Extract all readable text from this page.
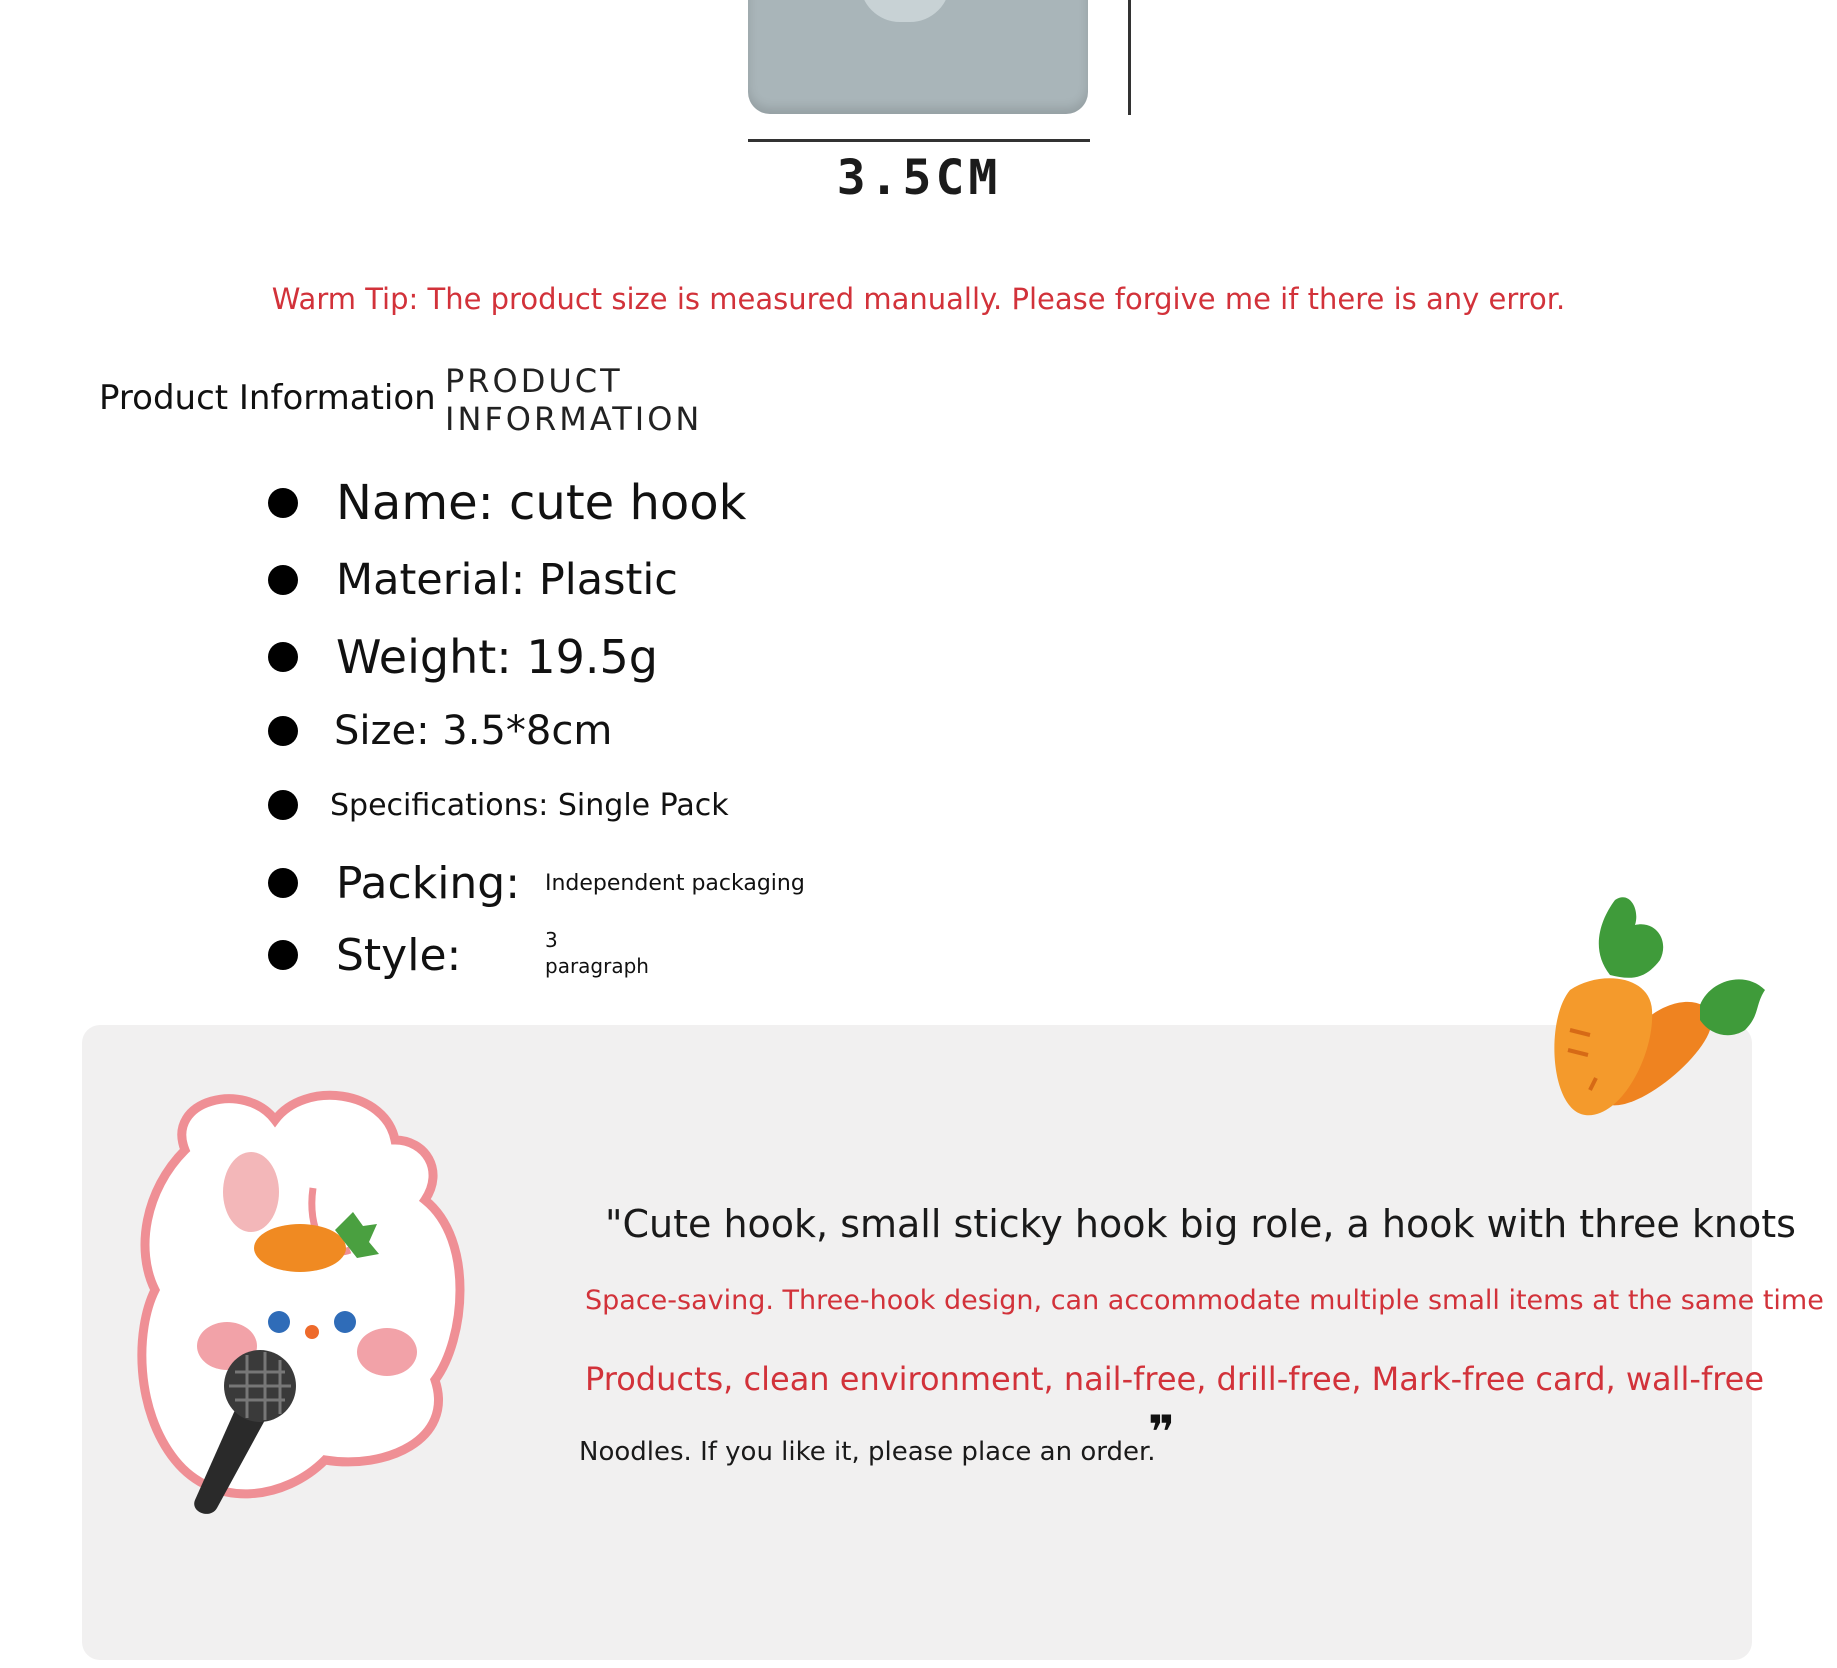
3.5CM
Warm Tip: The product size is measured manually. Please forgive me if there is any error.
Product Information PRODUCT
INFORMATION
Name: cute hook
Material: Plastic
Weight: 19.5g
Size: 3.5*8cm
Specifications: Single Pack
Packing: Independent packaging
Style:	3
paragraph
"Cute hook, small sticky hook big role, a hook with three knots
Space-saving. Three-hook design, can accommodate multiple small items at the same time
Products, clean environment, nail-free, drill-free, Mark-free card, wall-free
Noodles. If you like it, please place an order.
❞
